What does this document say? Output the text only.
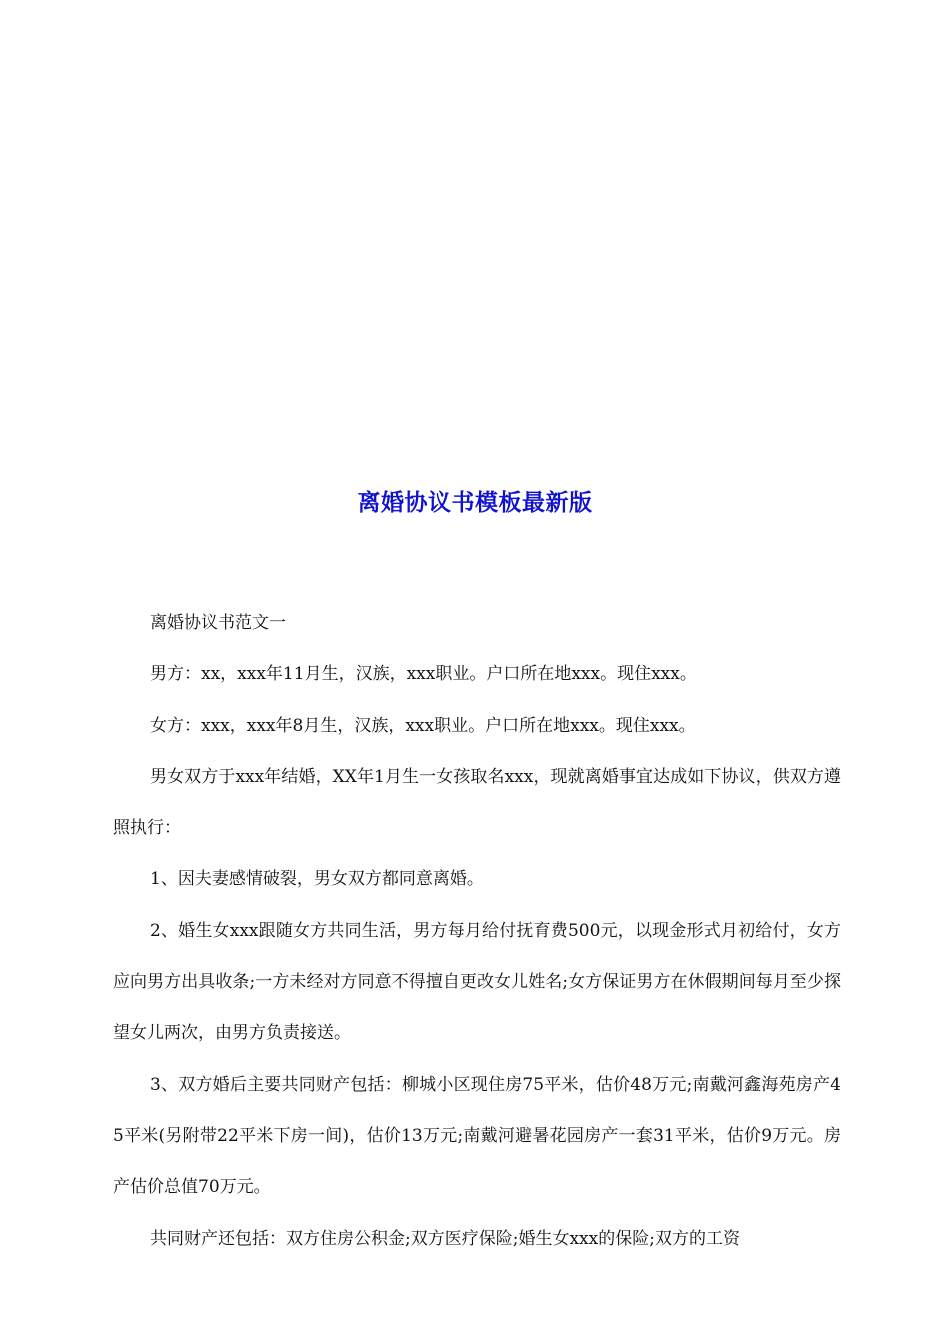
离婚协议书模板最新版

离婚协议书范文一

男方：xx，xxx年11月生，汉族，xxx职业。户口所在地xxx。现住xxx。

女方：xxx，xxx年8月生，汉族，xxx职业。户口所在地xxx。现住xxx。

男女双方于xxx年结婚，XX年1月生一女孩取名xxx，现就离婚事宜达成如下协议，供双方遵照执行：

1、因夫妻感情破裂，男女双方都同意离婚。

2、婚生女xxx跟随女方共同生活，男方每月给付抚育费500元，以现金形式月初给付，女方应向男方出具收条;一方未经对方同意不得擅自更改女儿姓名;女方保证男方在休假期间每月至少探望女儿两次，由男方负责接送。

3、双方婚后主要共同财产包括：柳城小区现住房75平米，估价48万元;南戴河鑫海苑房产45平米(另附带22平米下房一间)，估价13万元;南戴河避暑花园房产一套31平米，估价9万元。房产估价总值70万元。

共同财产还包括：双方住房公积金;双方医疗保险;婚生女xxx的保险;双方的工资
